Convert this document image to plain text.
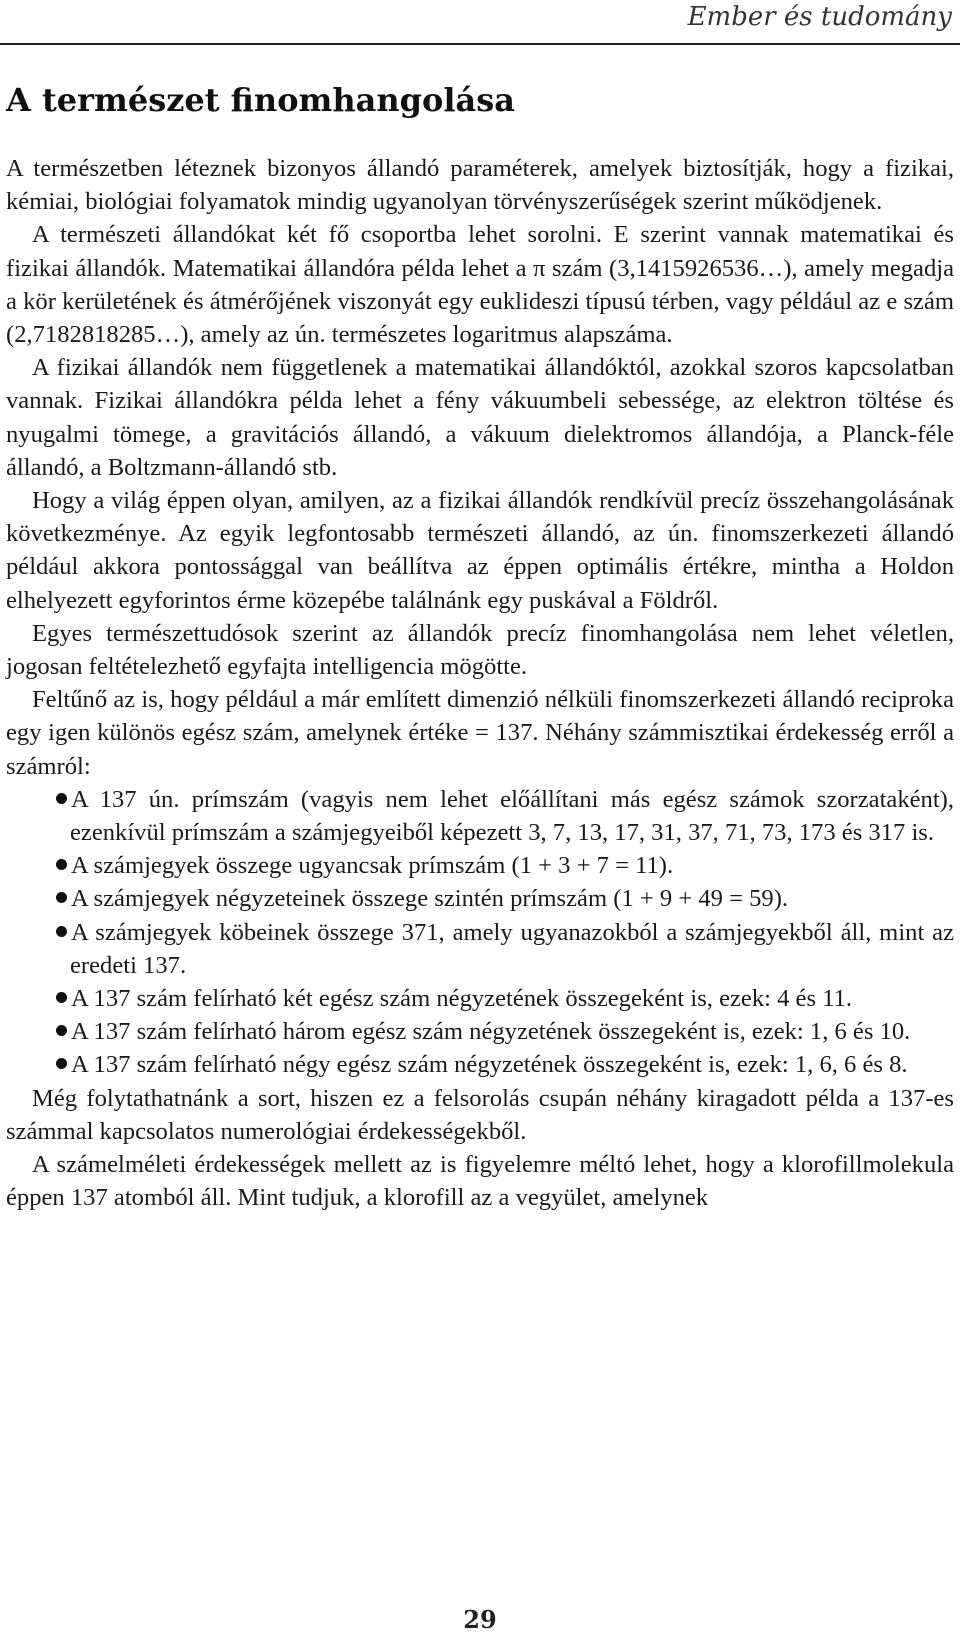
Ember és tudomány
A természet finomhangolása

A természetben léteznek bizonyos állandó paraméterek, amelyek biztosítják, hogy a fizikai, kémiai, biológiai folyamatok mindig ugyanolyan törvényszerűségek szerint működjenek.

A természeti állandókat két fő csoportba lehet sorolni. E szerint vannak matematikai és fizikai állandók. Matematikai állandóra példa lehet a π szám (3,1415926536…), amely megadja a kör kerületének és átmérőjének viszonyát egy euklideszi típusú térben, vagy például az e szám (2,7182818285…), amely az ún. természetes logaritmus alapszáma.

A fizikai állandók nem függetlenek a matematikai állandóktól, azokkal szoros kapcsolatban vannak. Fizikai állandókra példa lehet a fény vákuumbeli sebessége, az elektron töltése és nyugalmi tömege, a gravitációs állandó, a vákuum dielektromos állandója, a Planck-féle állandó, a Boltzmann-állandó stb.

Hogy a világ éppen olyan, amilyen, az a fizikai állandók rendkívül precíz összehangolásának következménye. Az egyik legfontosabb természeti állandó, az ún. finomszerkezeti állandó például akkora pontossággal van beállítva az éppen optimális értékre, mintha a Holdon elhelyezett egyforintos érme közepébe találnánk egy puskával a Földről.

Egyes természettudósok szerint az állandók precíz finomhangolása nem lehet véletlen, jogosan feltételezhető egyfajta intelligencia mögötte.

Feltűnő az is, hogy például a már említett dimenzió nélküli finomszerkezeti állandó reciproka egy igen különös egész szám, amelynek értéke = 137. Néhány számmisztikai érdekesség erről a számról:

A 137 ún. prímszám (vagyis nem lehet előállítani más egész számok szorzataként), ezenkívül prímszám a számjegyeiből képezett 3, 7, 13, 17, 31, 37, 71, 73, 173 és 317 is.
A számjegyek összege ugyancsak prímszám (1 + 3 + 7 = 11).
A számjegyek négyzeteinek összege szintén prímszám (1 + 9 + 49 = 59).
A számjegyek köbeinek összege 371, amely ugyanazokból a számjegyekből áll, mint az eredeti 137.
A 137 szám felírható két egész szám négyzetének összegeként is, ezek: 4 és 11.
A 137 szám felírható három egész szám négyzetének összegeként is, ezek: 1, 6 és 10.
A 137 szám felírható négy egész szám négyzetének összegeként is, ezek: 1, 6, 6 és 8.

Még folytathatnánk a sort, hiszen ez a felsorolás csupán néhány kiragadott példa a 137-es számmal kapcsolatos numerológiai érdekességekből.

A számelméleti érdekességek mellett az is figyelemre méltó lehet, hogy a klorofillmolekula éppen 137 atomból áll. Mint tudjuk, a klorofill az a vegyület, amelynek

29
